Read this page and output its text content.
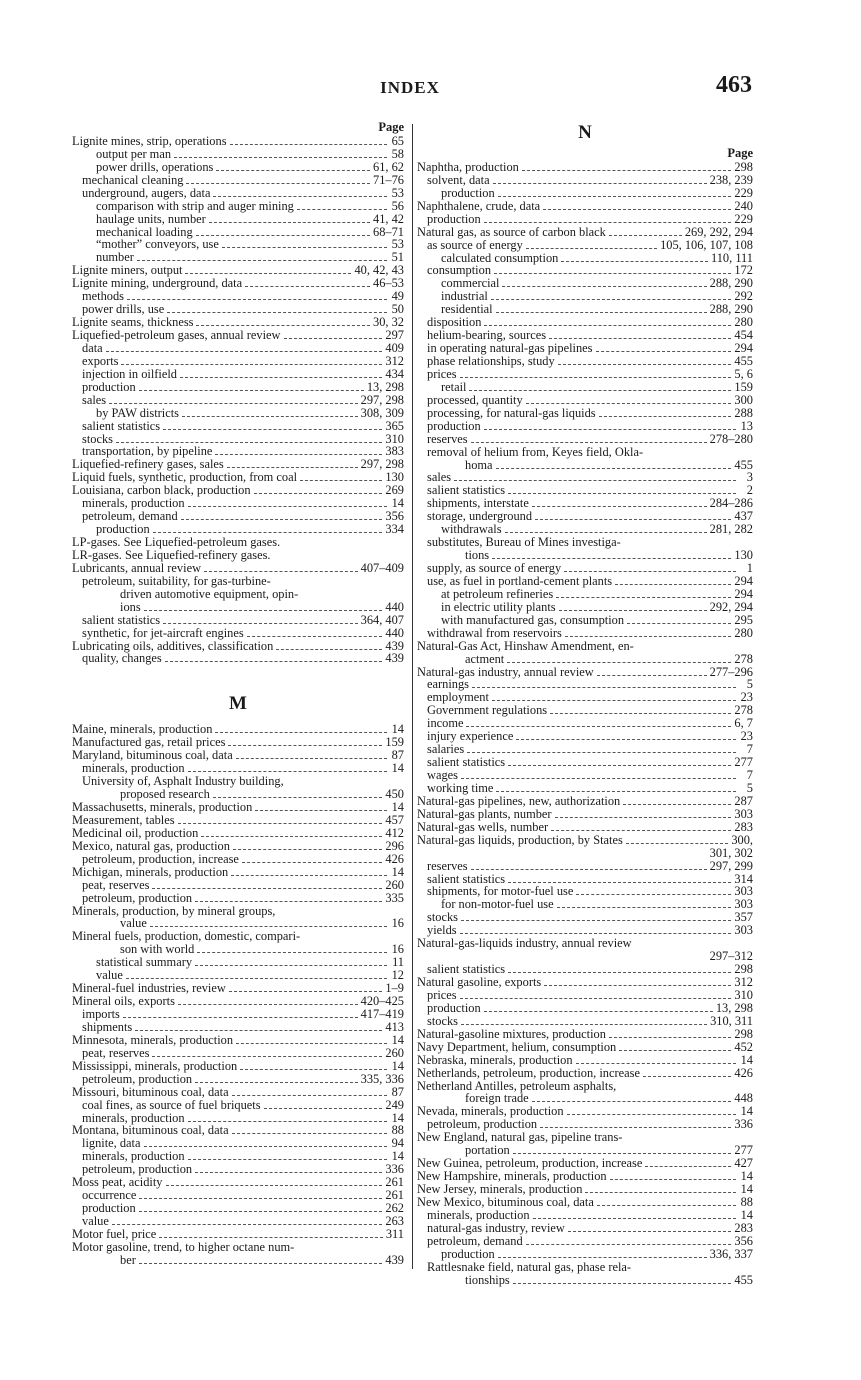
INDEX	463
Page
Lignite mines, strip, operations	65
output per man	58
power drills, operations	61, 62
mechanical cleaning	71–76
underground, augers, data	53
comparison with strip and auger mining	56
haulage units, number	41, 42
mechanical loading	68–71
“mother” conveyors, use	53
number	51
Lignite miners, output	40, 42, 43
Lignite mining, underground, data	46–53
methods	49
power drills, use	50
Lignite seams, thickness	30, 32
Liquefied-petroleum gases, annual review	297
data	409
exports	312
injection in oilfield	434
production	13, 298
sales	297, 298
by PAW districts	308, 309
salient statistics	365
stocks	310
transportation, by pipeline	383
Liquefied-refinery gases, sales	297, 298
Liquid fuels, synthetic, production, from coal	130
Louisiana, carbon black, production	269
minerals, production	14
petroleum, demand	356
production	334
LP-gases. See Liquefied-petroleum gases.
LR-gases. See Liquefied-refinery gases.
Lubricants, annual review	407–409
petroleum, suitability, for gas-turbine-
driven automotive equipment, opin-
ions	440
salient statistics	364, 407
synthetic, for jet-aircraft engines	440
Lubricating oils, additives, classification	439
quality, changes	439
M
Maine, minerals, production	14
Manufactured gas, retail prices	159
Maryland, bituminous coal, data	87
minerals, production	14
University of, Asphalt Industry building,
proposed research	450
Massachusetts, minerals, production	14
Measurement, tables	457
Medicinal oil, production	412
Mexico, natural gas, production	296
petroleum, production, increase	426
Michigan, minerals, production	14
peat, reserves	260
petroleum, production	335
Minerals, production, by mineral groups,
value	16
Mineral fuels, production, domestic, compari-
son with world	16
statistical summary	11
value	12
Mineral-fuel industries, review	1–9
Mineral oils, exports	420–425
imports	417–419
shipments	413
Minnesota, minerals, production	14
peat, reserves	260
Mississippi, minerals, production	14
petroleum, production	335, 336
Missouri, bituminous coal, data	87
coal fines, as source of fuel briquets	249
minerals, production	14
Montana, bituminous coal, data	88
lignite, data	94
minerals, production	14
petroleum, production	336
Moss peat, acidity	261
occurrence	261
production	262
value	263
Motor fuel, price	311
Motor gasoline, trend, to higher octane num-
ber	439
N
Page
Naphtha, production	298
solvent, data	238, 239
production	229
Naphthalene, crude, data	240
production	229
Natural gas, as source of carbon black	269, 292, 294
as source of energy	105, 106, 107, 108
calculated consumption	110, 111
consumption	172
commercial	288, 290
industrial	292
residential	288, 290
disposition	280
helium-bearing, sources	454
in operating natural-gas pipelines	294
phase relationships, study	455
prices	5, 6
retail	159
processed, quantity	300
processing, for natural-gas liquids	288
production	13
reserves	278–280
removal of helium from, Keyes field, Okla-
homa	455
sales	3
salient statistics	2
shipments, interstate	284–286
storage, underground	437
withdrawals	281, 282
substitutes, Bureau of Mines investiga-
tions	130
supply, as source of energy	1
use, as fuel in portland-cement plants	294
at petroleum refineries	294
in electric utility plants	292, 294
with manufactured gas, consumption	295
withdrawal from reservoirs	280
Natural-Gas Act, Hinshaw Amendment, en-
actment	278
Natural-gas industry, annual review	277–296
earnings	5
employment	23
Government regulations	278
income	6, 7
injury experience	23
salaries	7
salient statistics	277
wages	7
working time	5
Natural-gas pipelines, new, authorization	287
Natural-gas plants, number	303
Natural-gas wells, number	283
Natural-gas liquids, production, by States	300,
301, 302
reserves	297, 299
salient statistics	314
shipments, for motor-fuel use	303
for non-motor-fuel use	303
stocks	357
yields	303
Natural-gas-liquids industry, annual review
297–312
salient statistics	298
Natural gasoline, exports	312
prices	310
production	13, 298
stocks	310, 311
Natural-gasoline mixtures, production	298
Navy Department, helium, consumption	452
Nebraska, minerals, production	14
Netherlands, petroleum, production, increase	426
Netherland Antilles, petroleum asphalts,
foreign trade	448
Nevada, minerals, production	14
petroleum, production	336
New England, natural gas, pipeline trans-
portation	277
New Guinea, petroleum, production, increase	427
New Hampshire, minerals, production	14
New Jersey, minerals, production	14
New Mexico, bituminous coal, data	88
minerals, production	14
natural-gas industry, review	283
petroleum, demand	356
production	336, 337
Rattlesnake field, natural gas, phase rela-
tionships	455
